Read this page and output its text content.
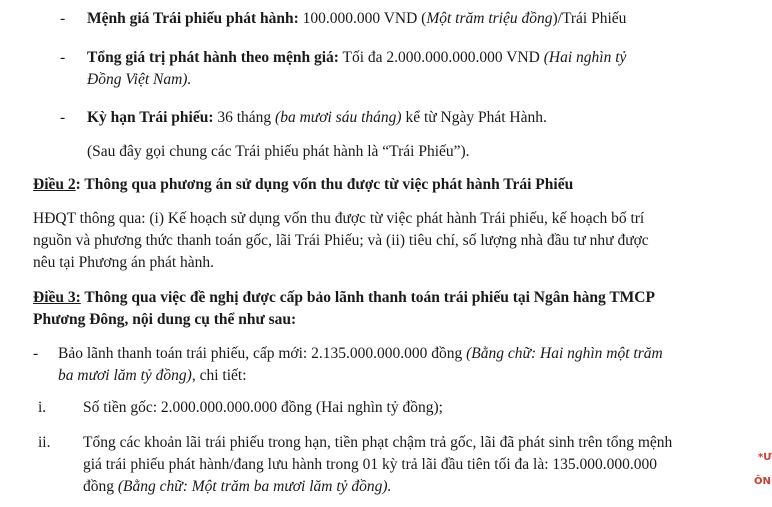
- Mệnh giá Trái phiếu phát hành: 100.000.000 VND (Một trăm triệu đồng)/Trái Phiếu
- Tổng giá trị phát hành theo mệnh giá: Tối đa 2.000.000.000.000 VND (Hai nghìn tỷ
Đồng Việt Nam).
- Kỳ hạn Trái phiếu: 36 tháng (ba mươi sáu tháng) kể từ Ngày Phát Hành.
(Sau đây gọi chung các Trái phiếu phát hành là “Trái Phiếu”).
Điều 2: Thông qua phương án sử dụng vốn thu được từ việc phát hành Trái Phiếu
HĐQT thông qua: (i) Kế hoạch sử dụng vốn thu được từ việc phát hành Trái phiếu, kế hoạch bố trí
nguồn và phương thức thanh toán gốc, lãi Trái Phiếu; và (ii) tiêu chí, số lượng nhà đầu tư như được
nêu tại Phương án phát hành.
Điều 3: Thông qua việc đề nghị được cấp bảo lãnh thanh toán trái phiếu tại Ngân hàng TMCP
Phương Đông, nội dung cụ thể như sau:
- Bảo lãnh thanh toán trái phiếu, cấp mới: 2.135.000.000.000 đồng (Bằng chữ: Hai nghìn một trăm
ba mươi lăm tỷ đồng), chi tiết:
i. Số tiền gốc: 2.000.000.000.000 đồng (Hai nghìn tỷ đồng);
ii. Tổng các khoản lãi trái phiếu trong hạn, tiền phạt chậm trả gốc, lãi đã phát sinh trên tổng mệnh
giá trái phiếu phát hành/đang lưu hành trong 01 kỳ trả lãi đầu tiên tối đa là: 135.000.000.000
đồng (Bằng chữ: Một trăm ba mươi lăm tỷ đồng).
*Ư
ÔN
